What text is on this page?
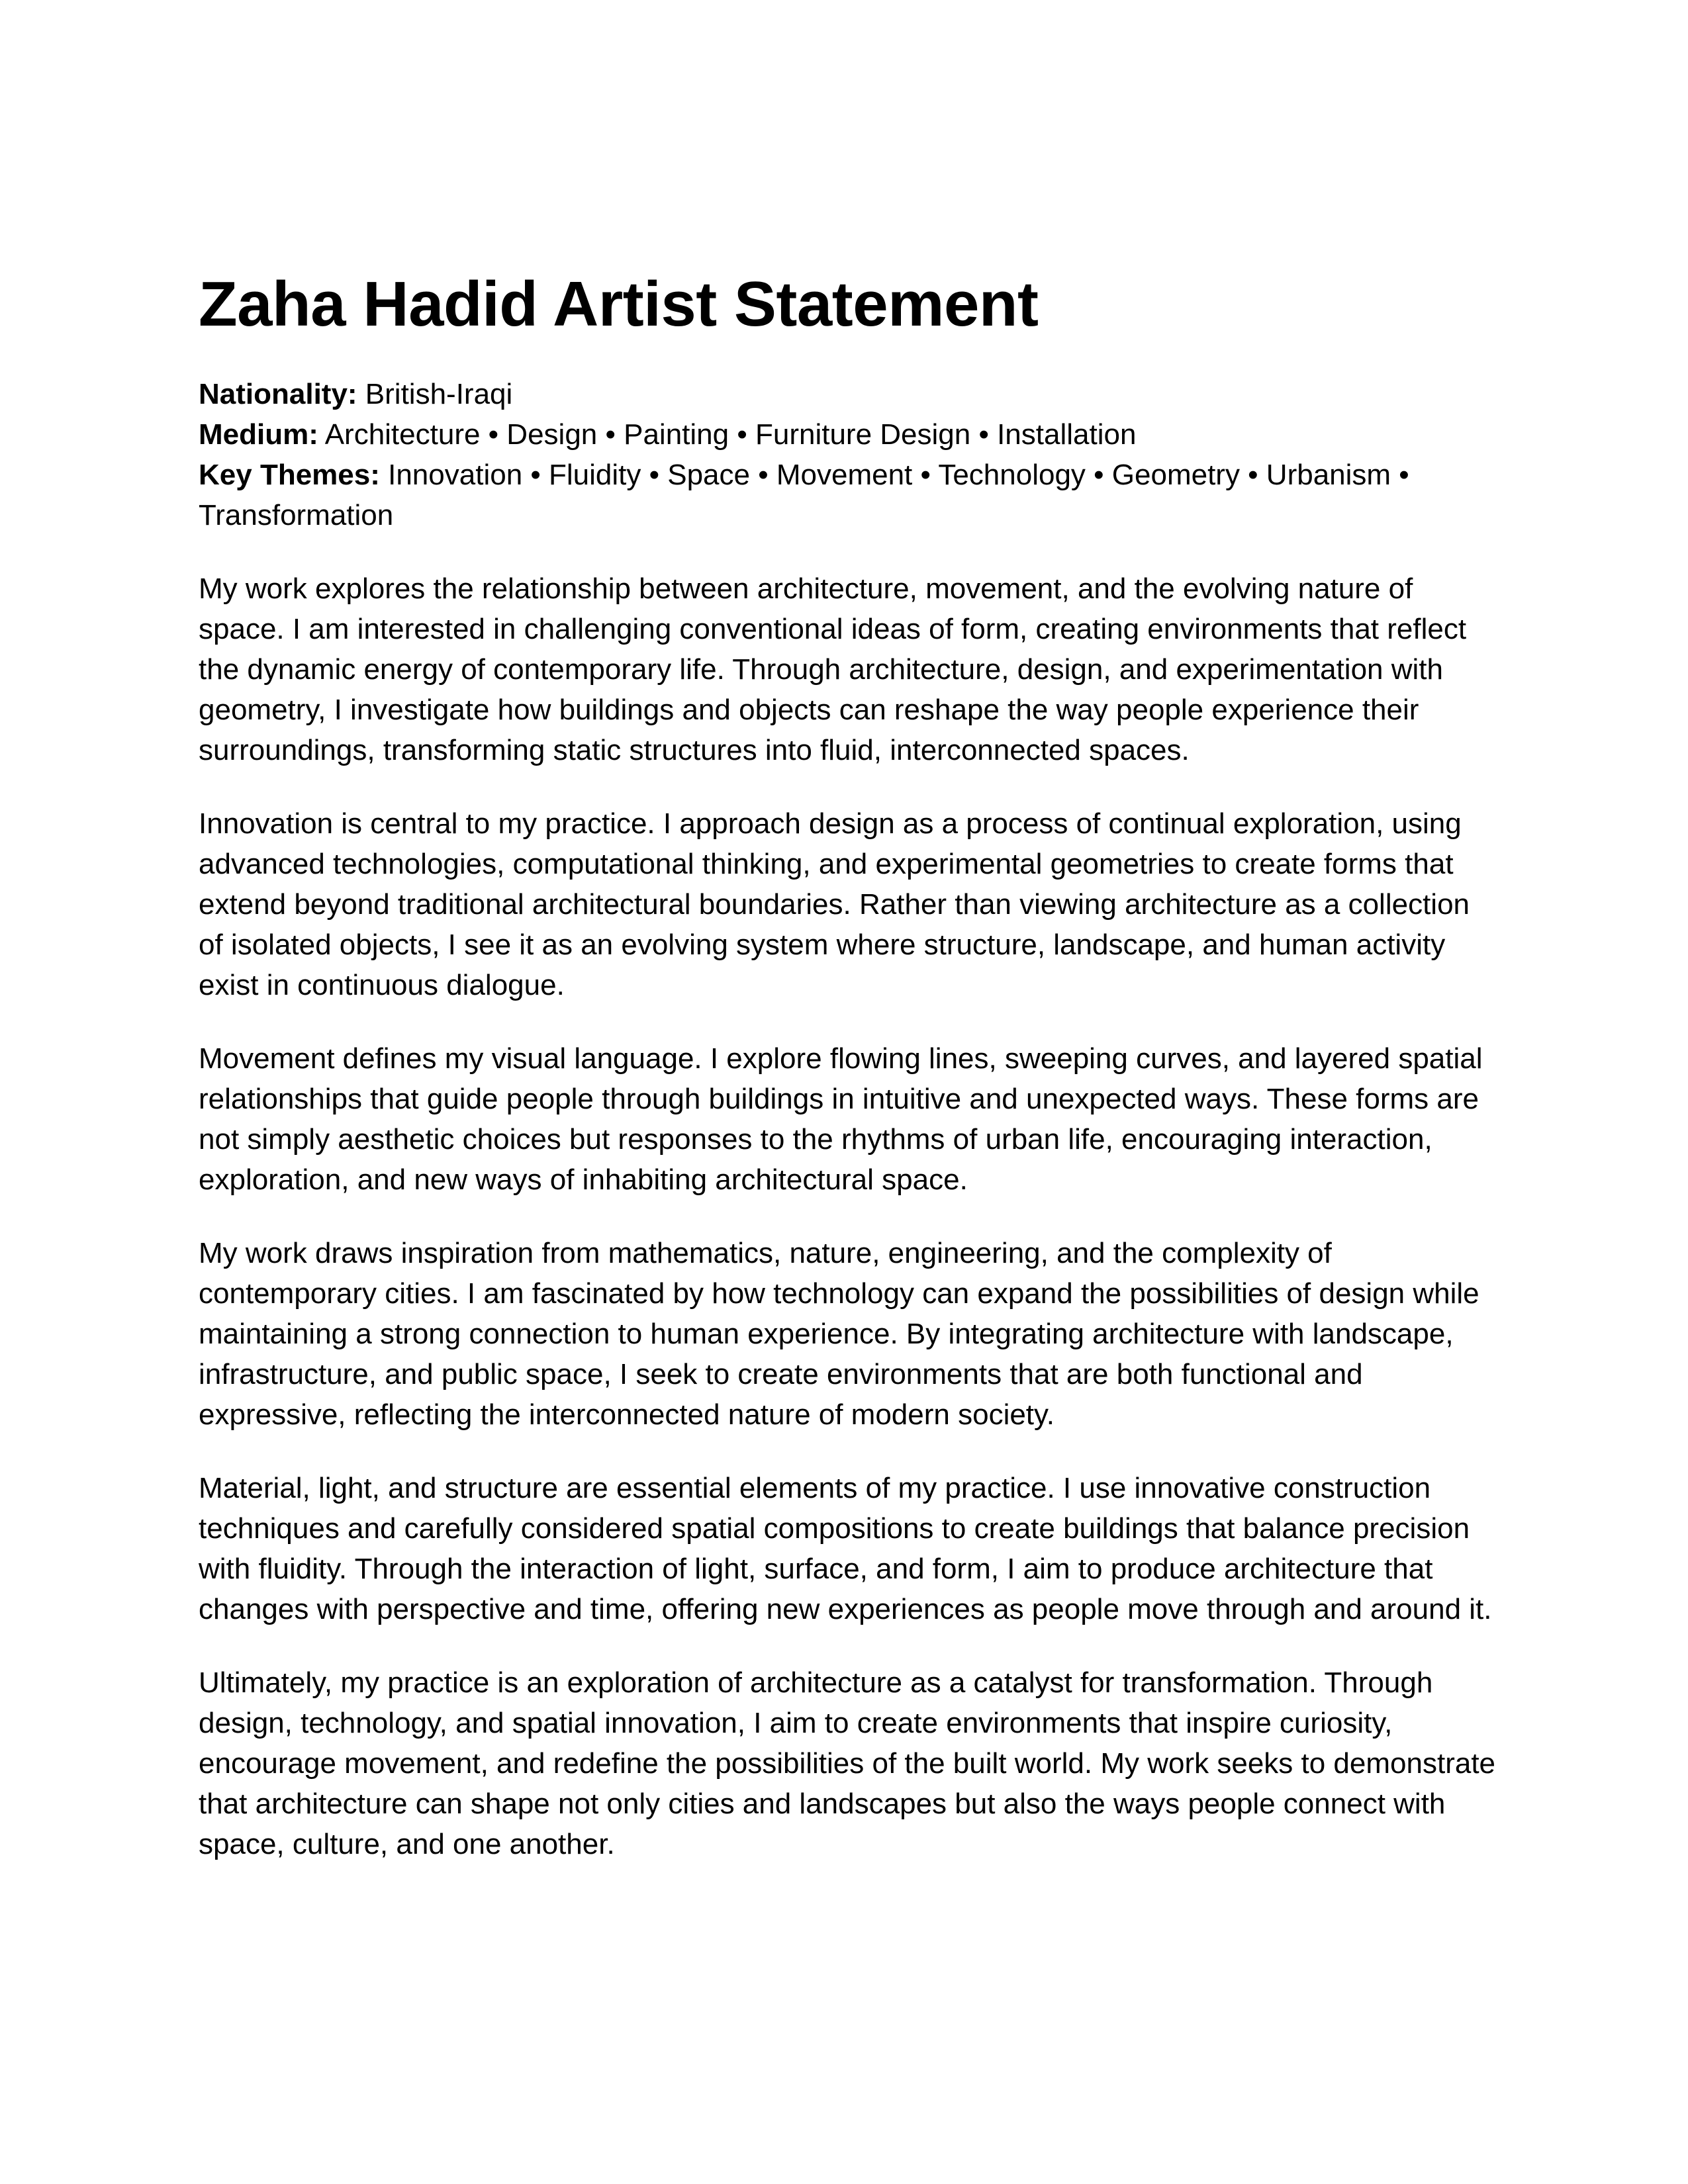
Zaha Hadid Artist Statement
Nationality: British-Iraqi
Medium: Architecture • Design • Painting • Furniture Design • Installation
Key Themes: Innovation • Fluidity • Space • Movement • Technology • Geometry • Urbanism • Transformation

My work explores the relationship between architecture, movement, and the evolving nature of space. I am interested in challenging conventional ideas of form, creating environments that reflect the dynamic energy of contemporary life. Through architecture, design, and experimentation with geometry, I investigate how buildings and objects can reshape the way people experience their surroundings, transforming static structures into fluid, interconnected spaces.

Innovation is central to my practice. I approach design as a process of continual exploration, using advanced technologies, computational thinking, and experimental geometries to create forms that extend beyond traditional architectural boundaries. Rather than viewing architecture as a collection of isolated objects, I see it as an evolving system where structure, landscape, and human activity exist in continuous dialogue.

Movement defines my visual language. I explore flowing lines, sweeping curves, and layered spatial relationships that guide people through buildings in intuitive and unexpected ways. These forms are not simply aesthetic choices but responses to the rhythms of urban life, encouraging interaction, exploration, and new ways of inhabiting architectural space.

My work draws inspiration from mathematics, nature, engineering, and the complexity of contemporary cities. I am fascinated by how technology can expand the possibilities of design while maintaining a strong connection to human experience. By integrating architecture with landscape, infrastructure, and public space, I seek to create environments that are both functional and expressive, reflecting the interconnected nature of modern society.

Material, light, and structure are essential elements of my practice. I use innovative construction techniques and carefully considered spatial compositions to create buildings that balance precision with fluidity. Through the interaction of light, surface, and form, I aim to produce architecture that changes with perspective and time, offering new experiences as people move through and around it.

Ultimately, my practice is an exploration of architecture as a catalyst for transformation. Through design, technology, and spatial innovation, I aim to create environments that inspire curiosity, encourage movement, and redefine the possibilities of the built world. My work seeks to demonstrate that architecture can shape not only cities and landscapes but also the ways people connect with space, culture, and one another.
